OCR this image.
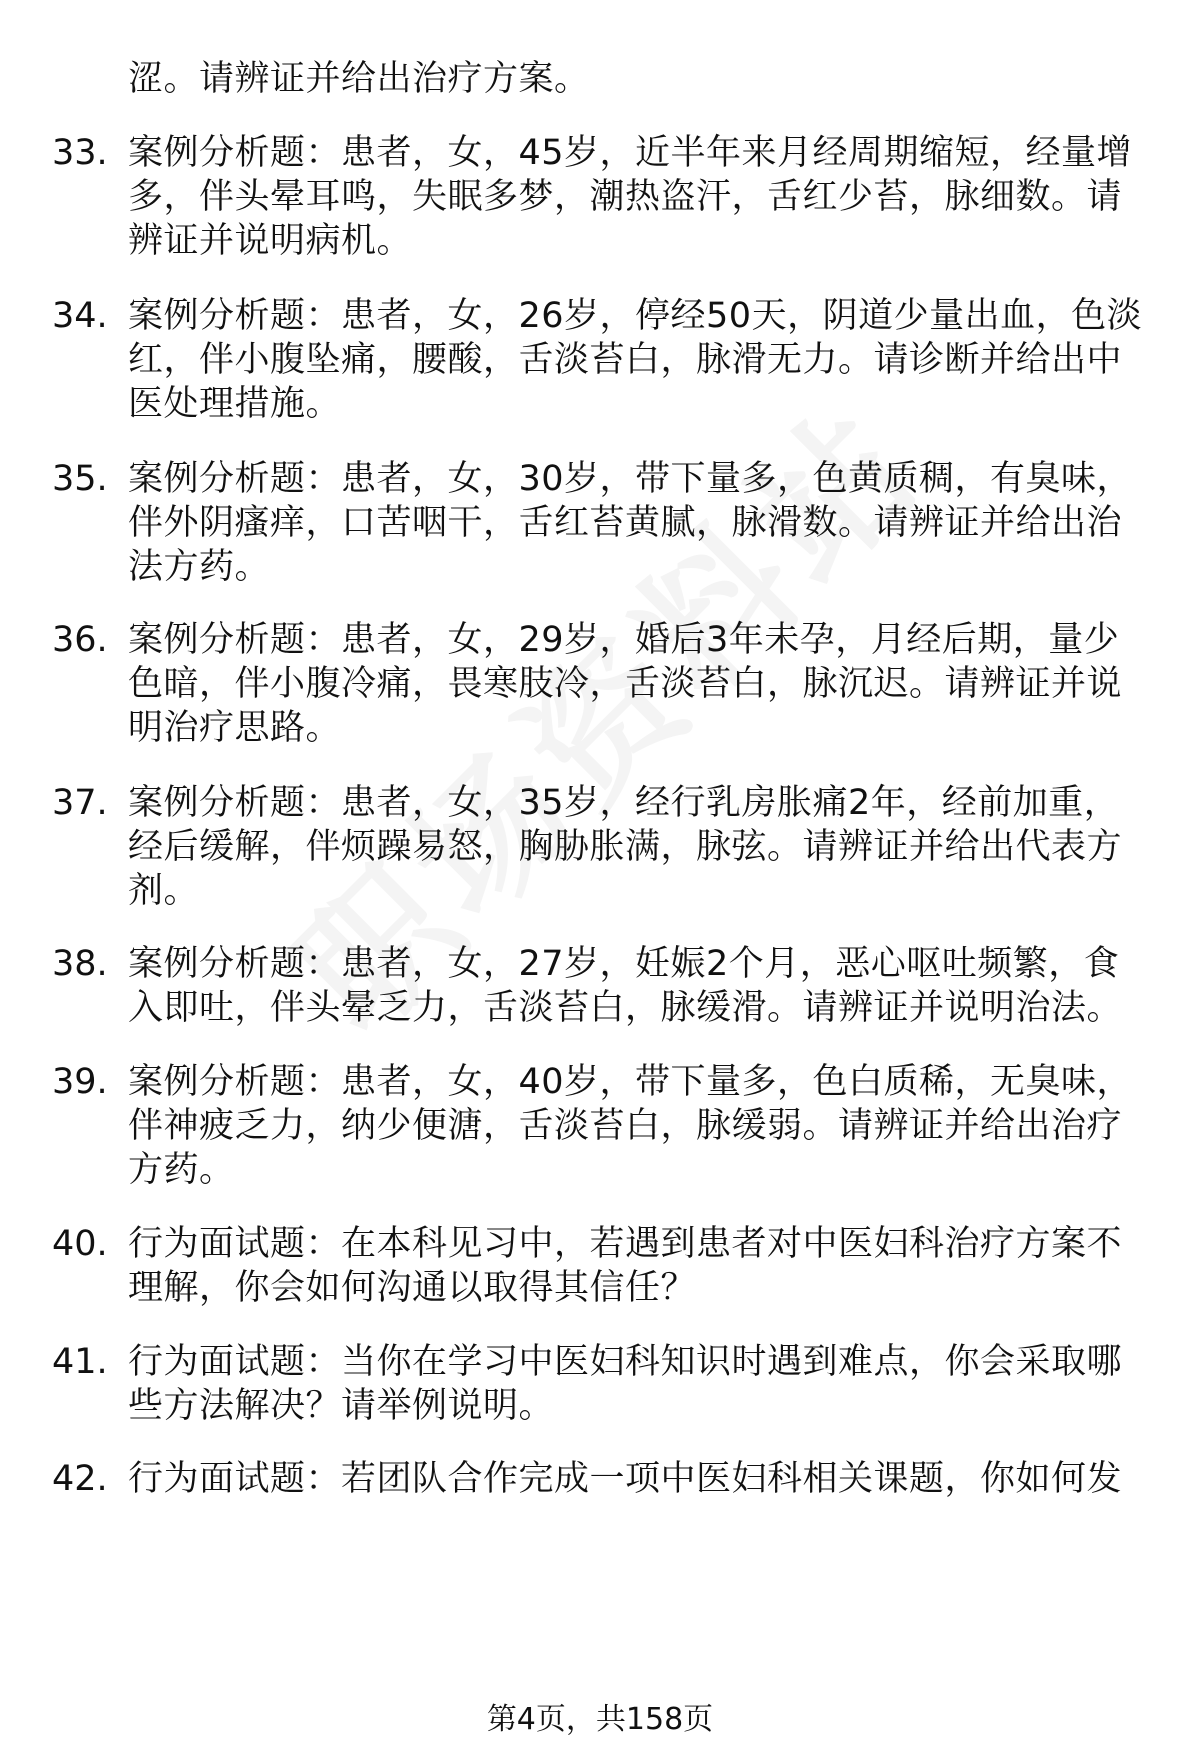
涩。请辨证并给出治疗方案。
33. 案例分析题：患者，女，45岁，近半年来月经周期缩短，经量增
多，伴头晕耳鸣，失眠多梦，潮热盗汗，舌红少苔，脉细数。请
辨证并说明病机。
34. 案例分析题：患者，女，26岁，停经50天，阴道少量出血，色淡
红，伴小腹坠痛，腰酸，舌淡苔白，脉滑无力。请诊断并给出中
医处理措施。
35. 案例分析题：患者，女，30岁，带下量多，色黄质稠，有臭味，
伴外阴瘙痒，口苦咽干，舌红苔黄腻，脉滑数。请辨证并给出治
法方药。
36. 案例分析题：患者，女，29岁，婚后3年未孕，月经后期，量少
色暗，伴小腹冷痛，畏寒肢冷，舌淡苔白，脉沉迟。请辨证并说
明治疗思路。
37. 案例分析题：患者，女，35岁，经行乳房胀痛2年，经前加重，
经后缓解，伴烦躁易怒，胸胁胀满，脉弦。请辨证并给出代表方
剂。
38. 案例分析题：患者，女，27岁，妊娠2个月，恶心呕吐频繁，食
入即吐，伴头晕乏力，舌淡苔白，脉缓滑。请辨证并说明治法。
39. 案例分析题：患者，女，40岁，带下量多，色白质稀，无臭味，
伴神疲乏力，纳少便溏，舌淡苔白，脉缓弱。请辨证并给出治疗
方药。
40. 行为面试题：在本科见习中，若遇到患者对中医妇科治疗方案不
理解，你会如何沟通以取得其信任？
41. 行为面试题：当你在学习中医妇科知识时遇到难点，你会采取哪
些方法解决？请举例说明。
42. 行为面试题：若团队合作完成一项中医妇科相关课题，你如何发
第4页，共158页
